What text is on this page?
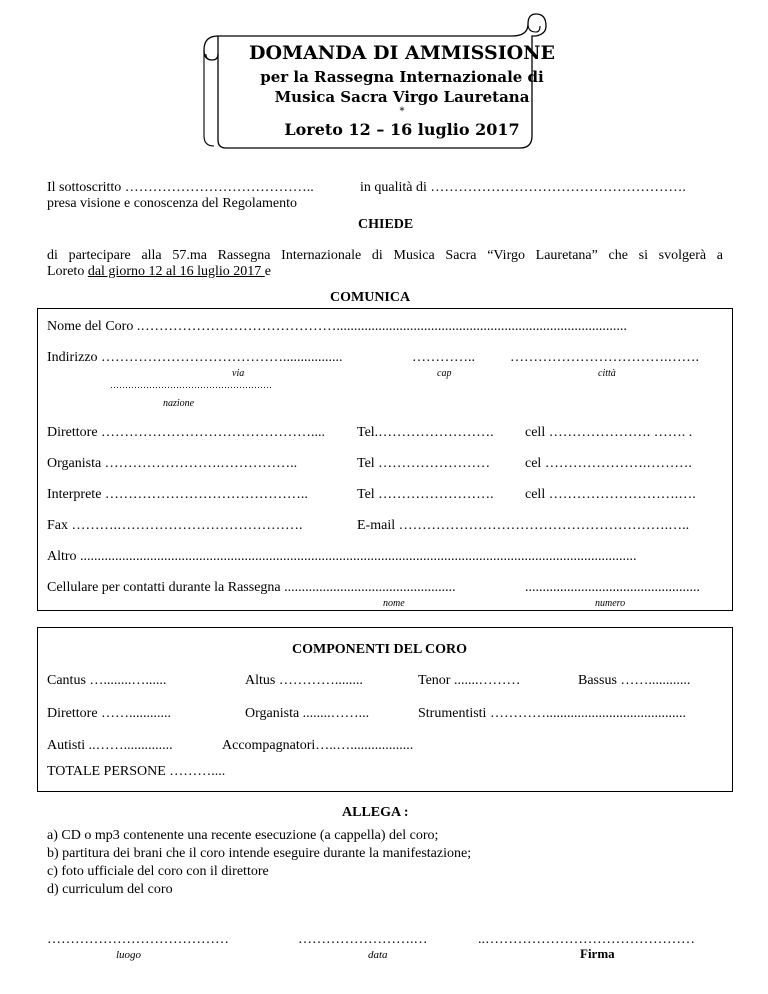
DOMANDA DI AMMISSIONE
per la Rassegna Internazionale di
Musica Sacra Virgo Lauretana
*
Loreto 12 – 16 luglio 2017
Il sottoscritto …………………………………..	in qualità di ……………………………………………….
presa visione e conoscenza del Regolamento
CHIEDE
di partecipare alla 57.ma Rassegna Internazionale di Musica Sacra “Virgo Lauretana” che si svolgerà a
Loreto dal giorno 12 al 16 luglio 2017 e
COMUNICA
Nome del Coro .……………………………………...................................................................................
Indirizzo ………………………………….................	…………..	…………………………….…….
via	cap	città
………………………………………………
nazione
Direttore ……………………………………….... Tel.……………………. cell …………………. ……. .
Organista …………………….……………..	Tel …………………… cel ………………….……….
Interprete ……………………………………..	Tel ……………………. cell ……………………….….
Fax ……….………………………………….	E-mail ………………………………………………….…..
Altro ...............................................................................................................................................................
Cellulare per contatti durante la Rassegna .................................................	..................................................
nome	numero
COMPONENTI DEL CORO
Cantus …........…......	Altus …………........	Tenor .......………	Bassus ……............
Direttore ……............	Organista ........……...	Strumentisti …………........................................
Autisti ..……..............	Accompagnatori…..…..................
TOTALE PERSONE ………....
ALLEGA :
a) CD o mp3 contenente una recente esecuzione (a cappella) del coro;
b) partitura dei brani che il coro intende eseguire durante la manifestazione;
c) foto ufficiale del coro con il direttore
d) curriculum del coro
…………………………………	…………………….…	..………………………………………
luogo	data	Firma
